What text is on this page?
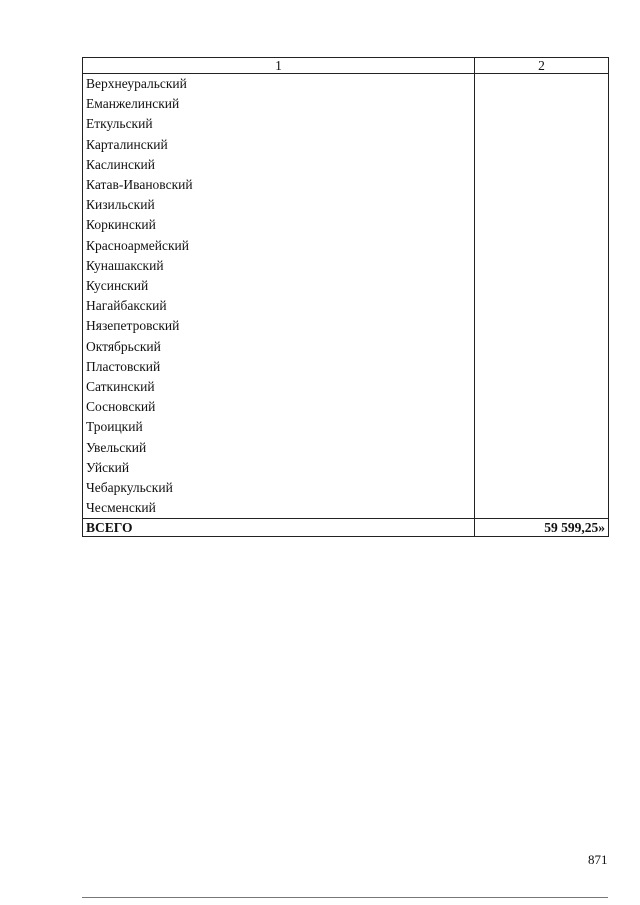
1	2
Верхнеуральский	
Еманжелинский	
Еткульский	
Карталинский	
Каслинский	
Катав-Ивановский	
Кизильский	
Коркинский	
Красноармейский	
Кунашакский	
Кусинский	
Нагайбакский	
Нязепетровский	
Октябрьский	
Пластовский	
Саткинский	
Сосновский	
Троицкий	
Увельский	
Уйский	
Чебаркульский	
Чесменский	
ВСЕГО	59 599,25»
871
